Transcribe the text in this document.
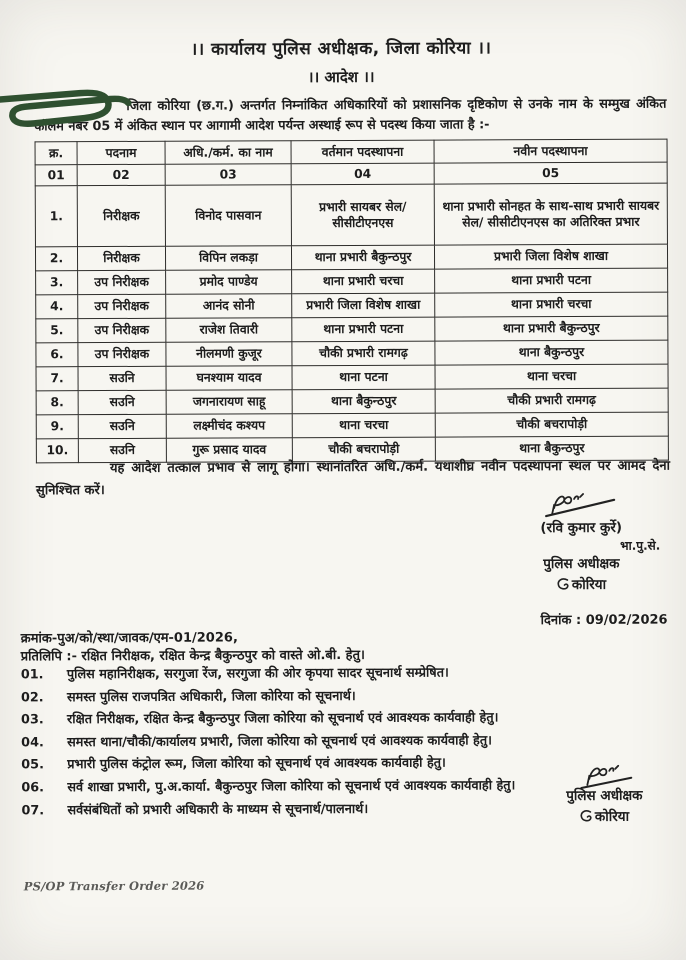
।। कार्यालय पुलिस अधीक्षक, जिला कोरिया ।।
।। आदेश ।।
जिला कोरिया (छ.ग.) अन्तर्गत निम्नांकित अधिकारियों को प्रशासनिक दृष्टिकोण से उनके नाम के सम्मुख अंकित कॉलम नंबर 05 में अंकित स्थान पर आगामी आदेश पर्यन्त अस्थाई रूप से पदस्थ किया जाता है :-
क्र.	पदनाम	अधि./कर्म. का नाम	वर्तमान पदस्थापना	नवीन पदस्थापना
01	02	03	04	05
1.	निरीक्षक	विनोद पासवान	प्रभारी सायबर सेल/ सीसीटीएनएस	थाना प्रभारी सोनहत के साथ-साथ प्रभारी सायबर सेल/ सीसीटीएनएस का अतिरिक्त प्रभार
2.	निरीक्षक	विपिन लकड़ा	थाना प्रभारी बैकुन्ठपुर	प्रभारी जिला विशेष शाखा
3.	उप निरीक्षक	प्रमोद पाण्डेय	थाना प्रभारी चरचा	थाना प्रभारी पटना
4.	उप निरीक्षक	आनंद सोनी	प्रभारी जिला विशेष शाखा	थाना प्रभारी चरचा
5.	उप निरीक्षक	राजेश तिवारी	थाना प्रभारी पटना	थाना प्रभारी बैकुन्ठपुर
6.	उप निरीक्षक	नीलमणी कुजूर	चौकी प्रभारी रामगढ़	थाना बैकुन्ठपुर
7.	सउनि	घनश्याम यादव	थाना पटना	थाना चरचा
8.	सउनि	जगनारायण साहू	थाना बैकुन्ठपुर	चौकी प्रभारी रामगढ़
9.	सउनि	लक्ष्मीचंद कश्यप	थाना चरचा	चौकी बचरापोड़ी
10.	सउनि	गुरू प्रसाद यादव	चौकी बचरापोड़ी	थाना बैकुन्ठपुर
यह आदेश तत्काल प्रभाव से लागू होगा। स्थानांतरित अधि./कर्म. यथाशीघ्र नवीन पदस्थापना स्थल पर आमद देना सुनिश्चित करें।
(रवि कुमार कुर्रे)
भा.पु.से.
पुलिस अधीक्षक
कोरिया
दिनांक : 09/02/2026
क्रमांक-पुअ/को/स्था/जावक/एम-01/2026,
प्रतिलिपि :- रक्षित निरीक्षक, रक्षित केन्द्र बैकुन्ठपुर को वास्ते ओ.बी. हेतु।
01.	पुलिस महानिरीक्षक, सरगुजा रेंज, सरगुजा की ओर कृपया सादर सूचनार्थ सम्प्रेषित।
02.	समस्त पुलिस राजपत्रित अधिकारी, जिला कोरिया को सूचनार्थ।
03.	रक्षित निरीक्षक, रक्षित केन्द्र बैकुन्ठपुर जिला कोरिया को सूचनार्थ एवं आवश्यक कार्यवाही हेतु।
04.	समस्त थाना/चौकी/कार्यालय प्रभारी, जिला कोरिया को सूचनार्थ एवं आवश्यक कार्यवाही हेतु।
05.	प्रभारी पुलिस कंट्रोल रूम, जिला कोरिया को सूचनार्थ एवं आवश्यक कार्यवाही हेतु।
06.	सर्व शाखा प्रभारी, पु.अ.कार्या. बैकुन्ठपुर जिला कोरिया को सूचनार्थ एवं आवश्यक कार्यवाही हेतु।
07.	सर्वसंबंधितों को प्रभारी अधिकारी के माध्यम से सूचनार्थ/पालनार्थ।
पुलिस अधीक्षक
कोरिया
PS/OP Transfer Order 2026
